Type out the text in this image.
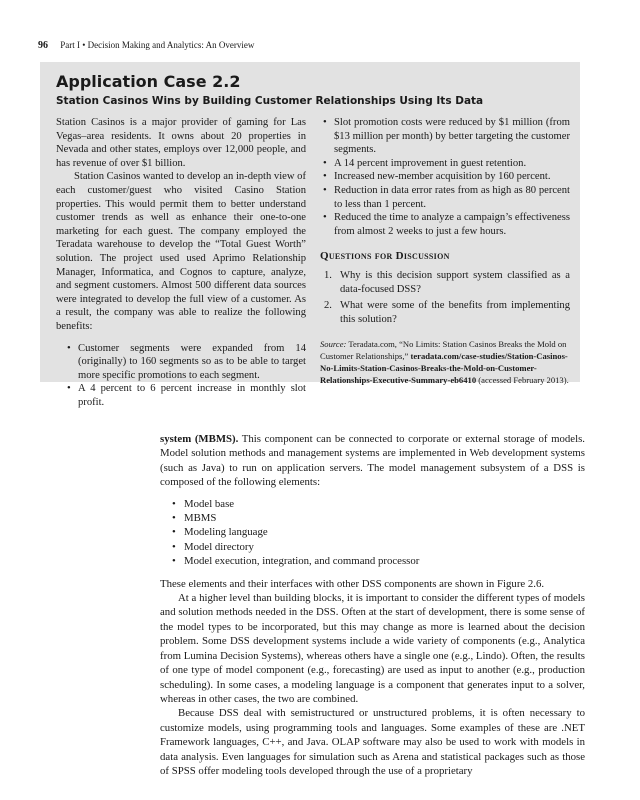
96 Part I • Decision Making and Analytics: An Overview
Application Case 2.2
Station Casinos Wins by Building Customer Relationships Using Its Data

Station Casinos is a major provider of gaming for Las Vegas–area residents. It owns about 20 properties in Nevada and other states, employs over 12,000 people, and has revenue of over $1 billion.

Station Casinos wanted to develop an in-depth view of each customer/guest who visited Casino Station properties. This would permit them to better understand customer trends as well as enhance their one-to-one marketing for each guest. The company employed the Teradata warehouse to develop the “Total Guest Worth” solution. The project used used Aprimo Relationship Manager, Informatica, and Cognos to capture, analyze, and segment customers. Almost 500 different data sources were integrated to develop the full view of a customer. As a result, the company was able to realize the following benefits:

• Customer segments were expanded from 14 (originally) to 160 segments so as to be able to target more specific promotions to each segment.
• A 4 percent to 6 percent increase in monthly slot profit.
• Slot promotion costs were reduced by $1 million (from $13 million per month) by better targeting the customer segments.
• A 14 percent improvement in guest retention.
• Increased new-member acquisition by 160 percent.
• Reduction in data error rates from as high as 80 percent to less than 1 percent.
• Reduced the time to analyze a campaign’s effectiveness from almost 2 weeks to just a few hours.
Questions for Discussion
1. Why is this decision support system classified as a data-focused DSS?
2. What were some of the benefits from implementing this solution?
Source: Teradata.com, “No Limits: Station Casinos Breaks the Mold on Customer Relationships,” teradata.com/case-studies/Station-Casinos-No-Limits-Station-Casinos-Breaks-the-Mold-on-Customer-Relationships-Executive-Summary-eb6410 (accessed February 2013).

system (MBMS). This component can be connected to corporate or external storage of models. Model solution methods and management systems are implemented in Web development systems (such as Java) to run on application servers. The model management subsystem of a DSS is composed of the following elements:

• Model base
• MBMS
• Modeling language
• Model directory
• Model execution, integration, and command processor

These elements and their interfaces with other DSS components are shown in Figure 2.6.

At a higher level than building blocks, it is important to consider the different types of models and solution methods needed in the DSS. Often at the start of development, there is some sense of the model types to be incorporated, but this may change as more is learned about the decision problem. Some DSS development systems include a wide variety of components (e.g., Analytica from Lumina Decision Systems), whereas others have a single one (e.g., Lindo). Often, the results of one type of model component (e.g., forecasting) are used as input to another (e.g., production scheduling). In some cases, a modeling language is a component that generates input to a solver, whereas in other cases, the two are combined.

Because DSS deal with semistructured or unstructured problems, it is often necessary to customize models, using programming tools and languages. Some examples of these are .NET Framework languages, C++, and Java. OLAP software may also be used to work with models in data analysis. Even languages for simulation such as Arena and statistical packages such as those of SPSS offer modeling tools developed through the use of a proprietary
